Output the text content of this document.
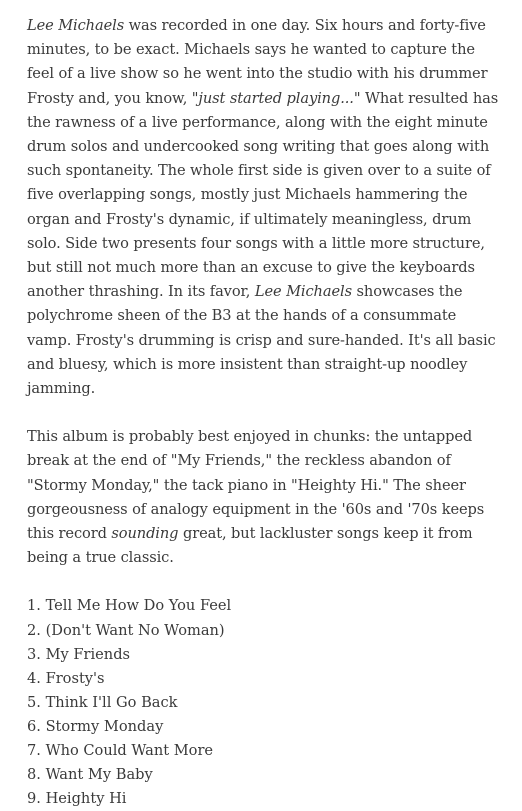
Lee Michaels was recorded in one day. Six hours and forty-five minutes, to be exact. Michaels says he wanted to capture the feel of a live show so he went into the studio with his drummer Frosty and, you know, "just started playing..." What resulted has the rawness of a live performance, along with the eight minute drum solos and undercooked song writing that goes along with such spontaneity. The whole first side is given over to a suite of five overlapping songs, mostly just Michaels hammering the organ and Frosty's dynamic, if ultimately meaningless, drum solo. Side two presents four songs with a little more structure, but still not much more than an excuse to give the keyboards another thrashing. In its favor, Lee Michaels showcases the polychrome sheen of the B3 at the hands of a consummate vamp. Frosty's drumming is crisp and sure-handed. It's all basic and bluesy, which is more insistent than straight-up noodley jamming.

This album is probably best enjoyed in chunks: the untapped break at the end of "My Friends," the reckless abandon of "Stormy Monday," the tack piano in "Heighty Hi." The sheer gorgeousness of analogy equipment in the '60s and '70s keeps this record sounding great, but lackluster songs keep it from being a true classic.

1. Tell Me How Do You Feel
2. (Don't Want No Woman)
3. My Friends
4. Frosty's
5. Think I'll Go Back
6. Stormy Monday
7. Who Could Want More
8. Want My Baby
9. Heighty Hi
